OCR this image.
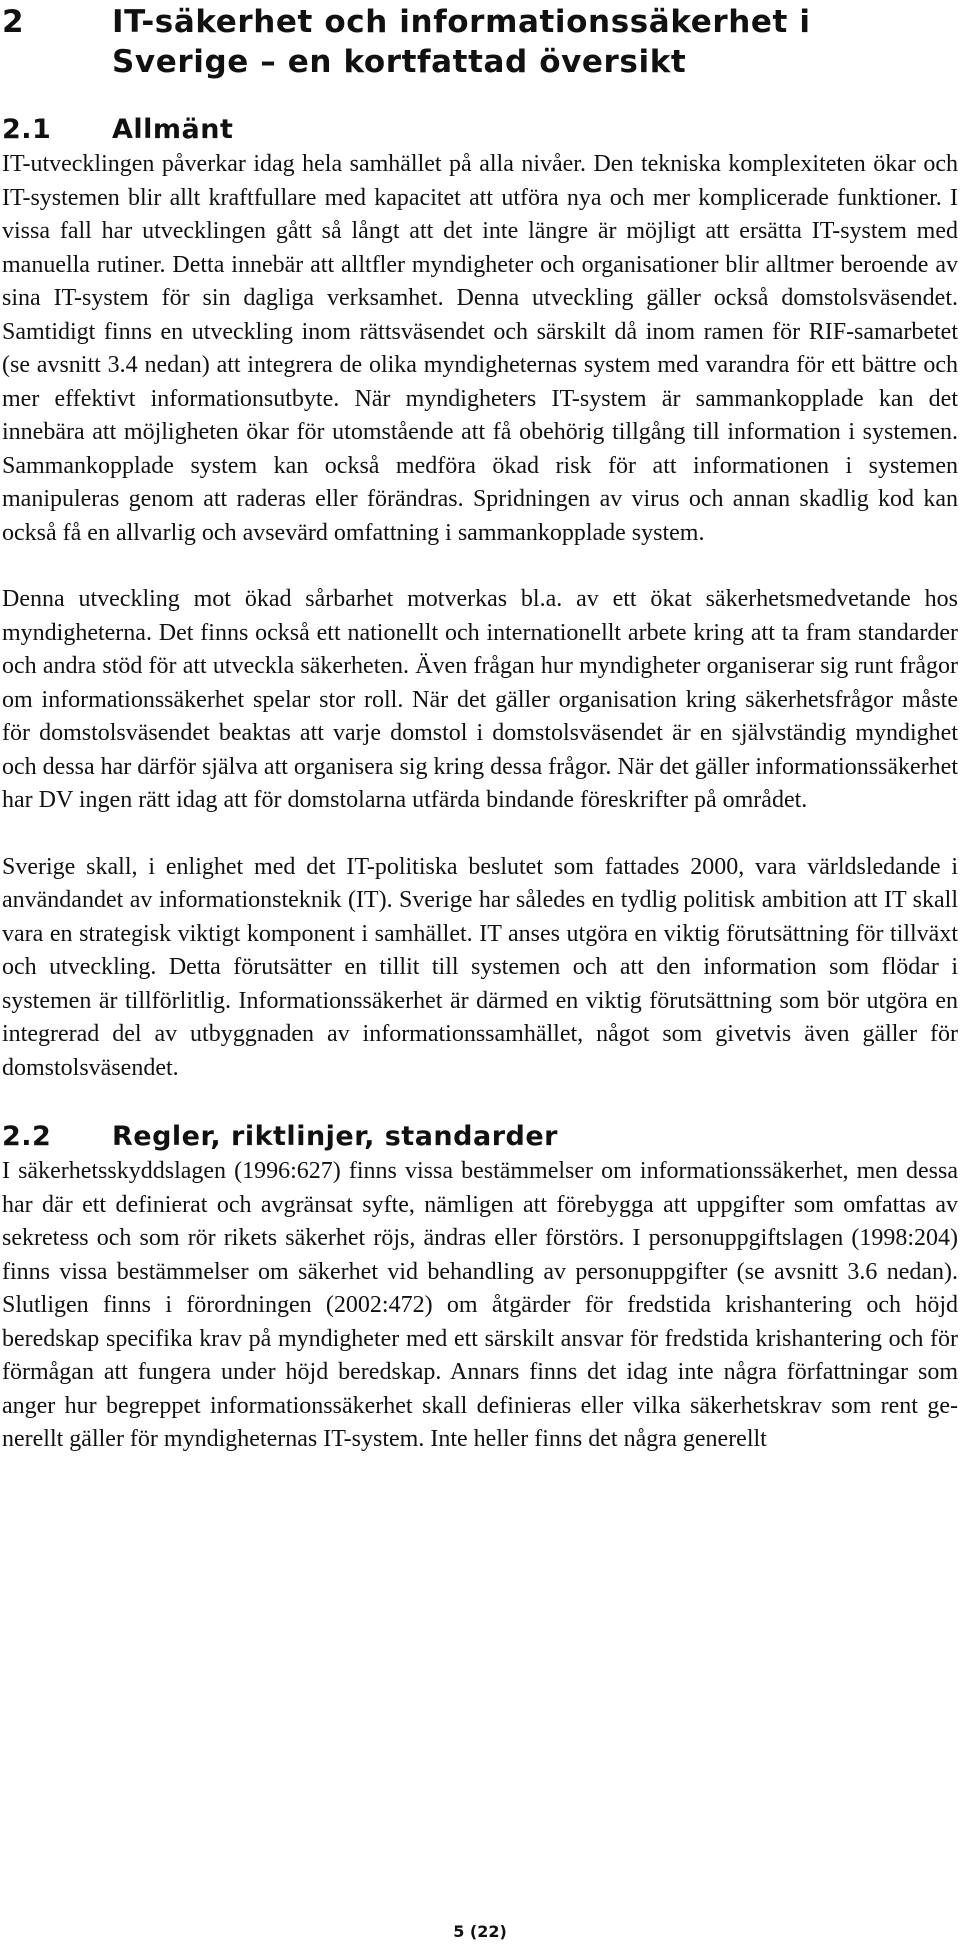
2	IT-säkerhet och informationssäkerhet i Sverige – en kortfattad översikt
2.1	Allmänt

IT-utvecklingen påverkar idag hela samhället på alla nivåer. Den tekniska komplexiteten ökar och IT-systemen blir allt kraftfullare med kapacitet att utföra nya och mer komplicerade funktioner. I vissa fall har utvecklingen gått så långt att det inte längre är möjligt att ersätta IT-system med manuella rutiner. Detta innebär att alltfler myndigheter och organisationer blir alltmer beroende av sina IT-system för sin dagliga verksamhet. Denna utveckling gäller också domstolsväsendet. Samtidigt finns en utveckling inom rättsväsendet och särskilt då inom ramen för RIF-samarbetet (se avsnitt 3.4 nedan) att integrera de olika myndigheternas system med varandra för ett bättre och mer effektivt informationsutbyte. När myndigheters IT-system är sammankopplade kan det innebära att möjligheten ökar för utomstående att få obehörig tillgång till information i systemen. Sammankopplade system kan också medföra ökad risk för att informationen i systemen manipuleras genom att raderas eller förändras. Spridningen av virus och annan skadlig kod kan också få en allvarlig och avsevärd omfattning i sammankopplade system.

Denna utveckling mot ökad sårbarhet motverkas bl.a. av ett ökat säkerhetsmedvetande hos myndigheterna. Det finns också ett nationellt och internationellt arbete kring att ta fram standarder och andra stöd för att utveckla säkerheten. Även frågan hur myndigheter organiserar sig runt frågor om informationssäkerhet spelar stor roll. När det gäller organisation kring säkerhetsfrågor måste för domstolsväsendet beaktas att varje domstol i domstolsväsendet är en självständig myndighet och dessa har därför själva att organisera sig kring dessa frågor. När det gäller informationssäkerhet har DV ingen rätt idag att för domstolarna utfärda bindande föreskrifter på området.

Sverige skall, i enlighet med det IT-politiska beslutet som fattades 2000, vara världsledande i användandet av informationsteknik (IT). Sverige har således en tydlig politisk ambition att IT skall vara en strategisk viktigt komponent i samhället. IT anses utgöra en viktig förutsättning för tillväxt och utveckling. Detta förutsätter en tillit till systemen och att den information som flödar i systemen är tillförlitlig. Informationssäkerhet är därmed en viktig förutsättning som bör utgöra en integrerad del av utbyggnaden av informationssamhället, något som givetvis även gäller för domstolsväsendet.

2.2	Regler, riktlinjer, standarder

I säkerhetsskyddslagen (1996:627) finns vissa bestämmelser om informationssäkerhet, men dessa har där ett definierat och avgränsat syfte, nämligen att förebygga att uppgifter som omfattas av sekretess och som rör rikets säkerhet röjs, ändras eller förstörs. I personuppgiftslagen (1998:204) finns vissa bestämmelser om säkerhet vid behandling av personuppgifter (se avsnitt 3.6 nedan). Slutligen finns i förordningen (2002:472) om åtgärder för fredstida krishantering och höjd beredskap specifika krav på myndigheter med ett särskilt ansvar för fredstida krishantering och för förmågan att fungera under höjd beredskap. Annars finns det idag inte några författningar som anger hur begreppet informationssäkerhet skall definieras eller vilka säkerhetskrav som rent generellt gäller för myndigheternas IT-system. Inte heller finns det några generellt

5 (22)
